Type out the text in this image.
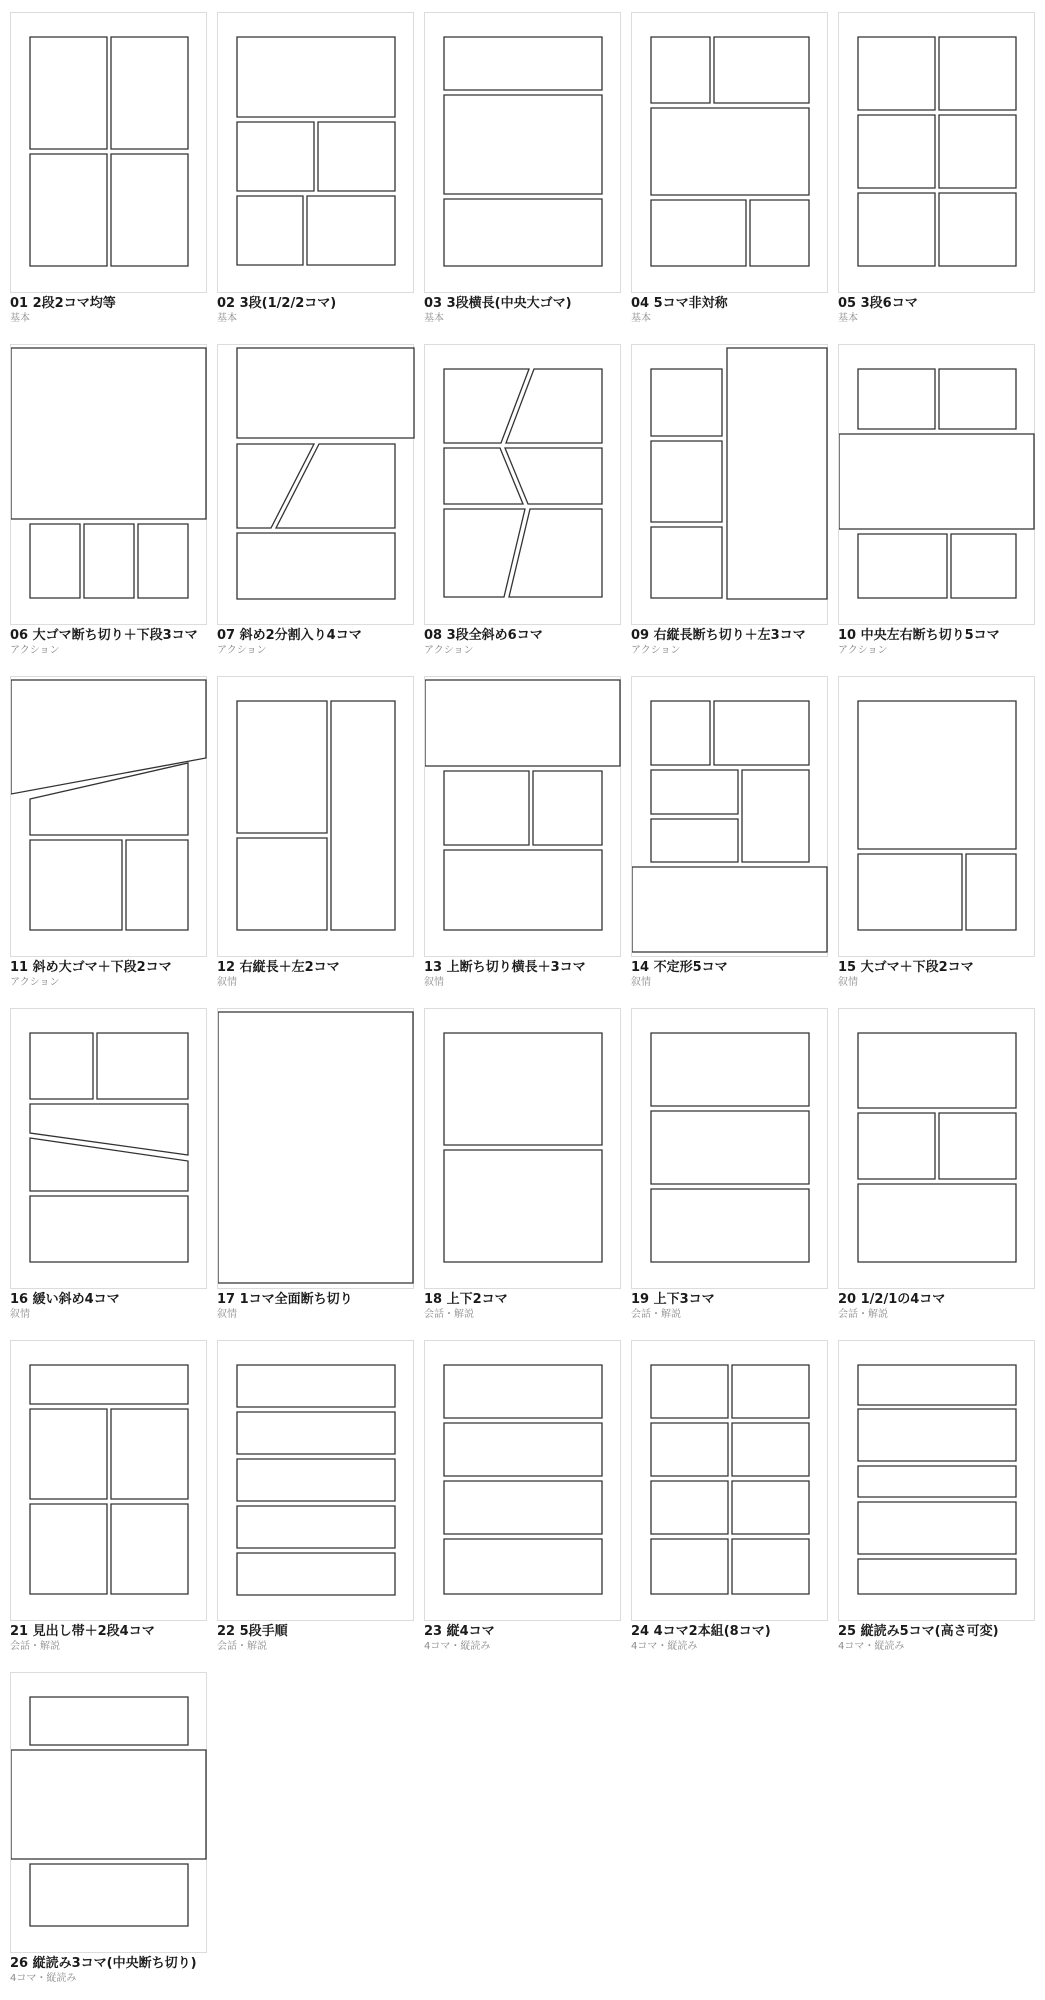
01 2段2コマ均等
基本
02 3段(1/2/2コマ)
基本
03 3段横長(中央大ゴマ)
基本
04 5コマ非対称
基本
05 3段6コマ
基本
06 大ゴマ断ち切り＋下段3コマ
アクション
07 斜め2分割入り4コマ
アクション
08 3段全斜め6コマ
アクション
09 右縦長断ち切り＋左3コマ
アクション
10 中央左右断ち切り5コマ
アクション
11 斜め大ゴマ＋下段2コマ
アクション
12 右縦長＋左2コマ
叙情
13 上断ち切り横長＋3コマ
叙情
14 不定形5コマ
叙情
15 大ゴマ＋下段2コマ
叙情
16 緩い斜め4コマ
叙情
17 1コマ全面断ち切り
叙情
18 上下2コマ
会話・解説
19 上下3コマ
会話・解説
20 1/2/1の4コマ
会話・解説
21 見出し帯＋2段4コマ
会話・解説
22 5段手順
会話・解説
23 縦4コマ
4コマ・縦読み
24 4コマ2本組(8コマ)
4コマ・縦読み
25 縦読み5コマ(高さ可変)
4コマ・縦読み
26 縦読み3コマ(中央断ち切り)
4コマ・縦読み
